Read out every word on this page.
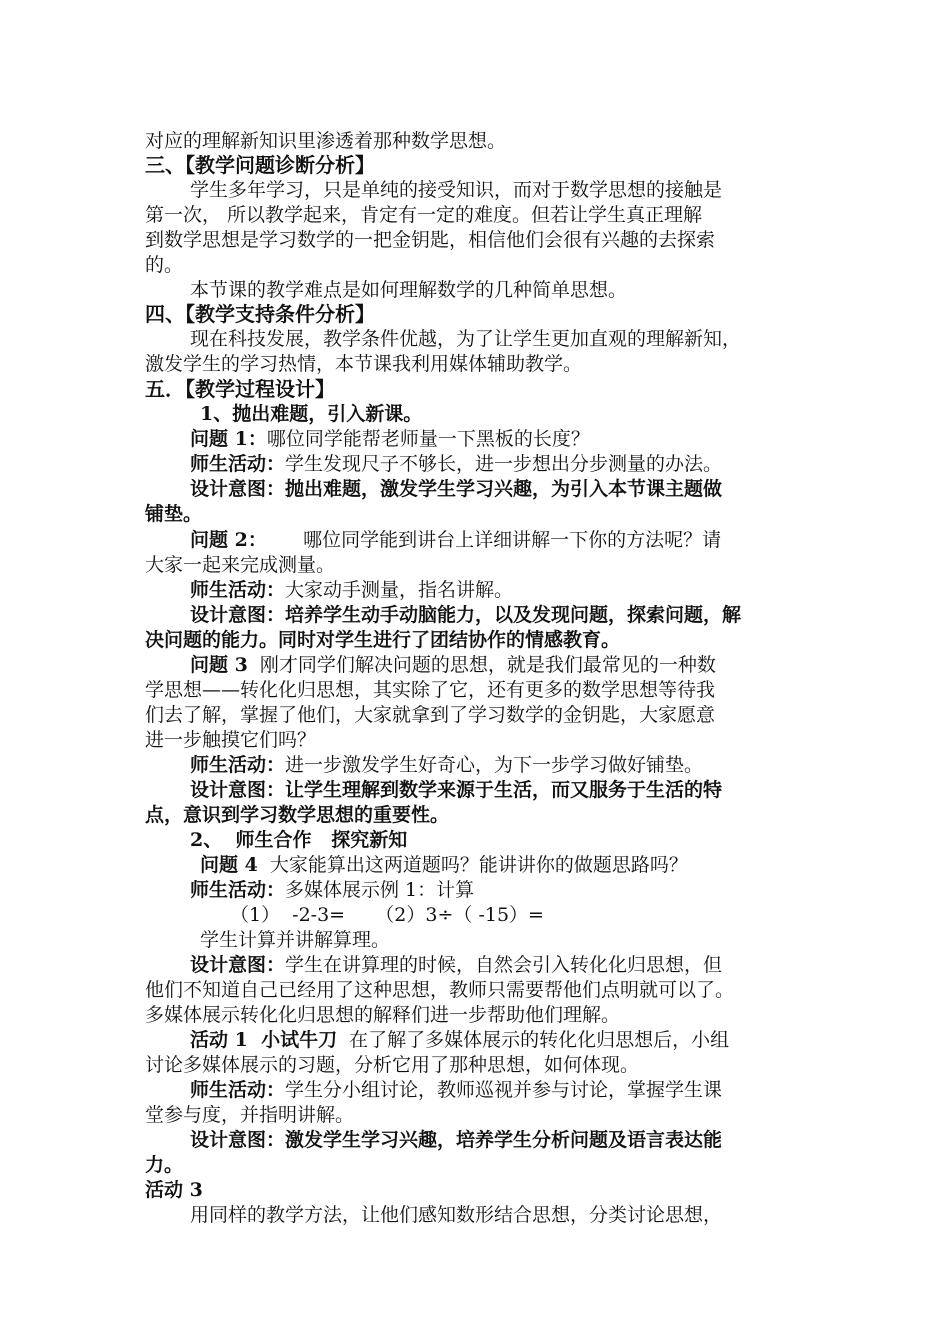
对应的理解新知识里渗透着那种数学思想。
三、【教学问题诊断分析】
学生多年学习，只是单纯的接受知识，而对于数学思想的接触是
第一次， 所以教学起来，肯定有一定的难度。但若让学生真正理解
到数学思想是学习数学的一把金钥匙，相信他们会很有兴趣的去探索
的。
本节课的教学难点是如何理解数学的几种简单思想。
四、【教学支持条件分析】
现在科技发展，教学条件优越，为了让学生更加直观的理解新知，
激发学生的学习热情，本节课我利用媒体辅助教学。
五．【教学过程设计】
1、抛出难题，引入新课。
问题 1：哪位同学能帮老师量一下黑板的长度？
师生活动：学生发现尺子不够长，进一步想出分步测量的办法。
设计意图：抛出难题，激发学生学习兴趣，为引入本节课主题做
铺垫。
问题 2：      哪位同学能到讲台上详细讲解一下你的方法呢？请
大家一起来完成测量。
师生活动：大家动手测量，指名讲解。
设计意图：培养学生动手动脑能力，以及发现问题，探索问题，解
决问题的能力。同时对学生进行了团结协作的情感教育。
问题 3  刚才同学们解决问题的思想，就是我们最常见的一种数
学思想——转化化归思想，其实除了它，还有更多的数学思想等待我
们去了解，掌握了他们，大家就拿到了学习数学的金钥匙，大家愿意
进一步触摸它们吗？
师生活动：进一步激发学生好奇心，为下一步学习做好铺垫。
设计意图：让学生理解到数学来源于生活，而又服务于生活的特
点，意识到学习数学思想的重要性。
2、  师生合作   探究新知
问题 4  大家能算出这两道题吗？能讲讲你的做题思路吗？
师生活动：多媒体展示例 1：计算
（1）  -2-3=     （2）3÷（ -15）=
学生计算并讲解算理。
设计意图：学生在讲算理的时候，自然会引入转化化归思想，但
他们不知道自己已经用了这种思想，教师只需要帮他们点明就可以了。
多媒体展示转化化归思想的解释们进一步帮助他们理解。
活动 1  小试牛刀  在了解了多媒体展示的转化化归思想后，小组
讨论多媒体展示的习题，分析它用了那种思想，如何体现。
师生活动：学生分小组讨论，教师巡视并参与讨论，掌握学生课
堂参与度，并指明讲解。
设计意图：激发学生学习兴趣，培养学生分析问题及语言表达能
力。
活动 3
用同样的教学方法，让他们感知数形结合思想，分类讨论思想，
